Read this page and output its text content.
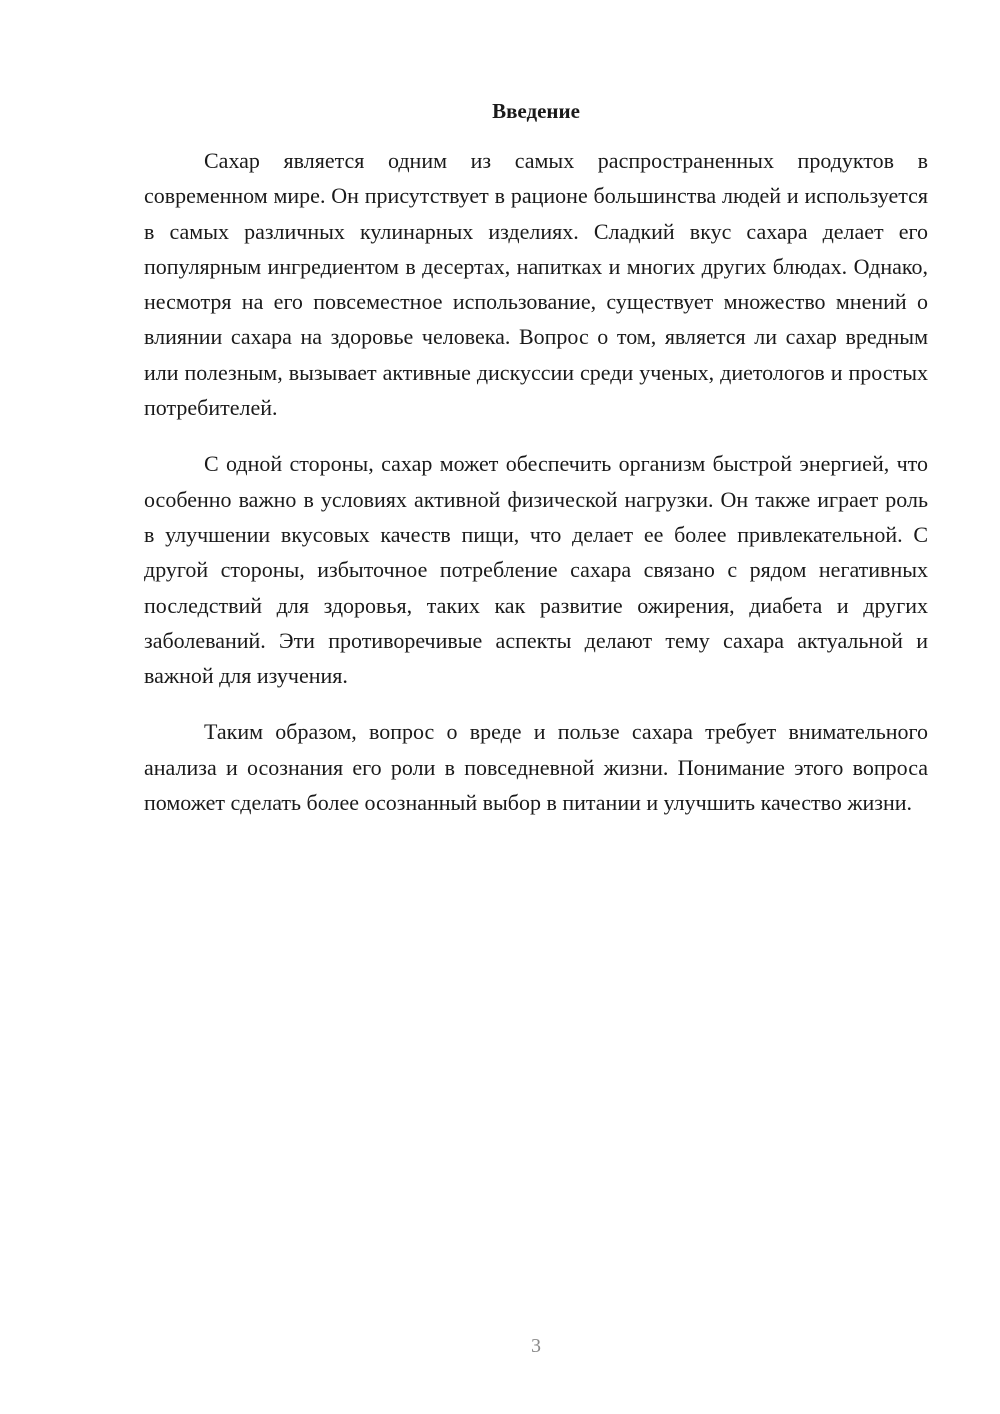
Введение

Сахар является одним из самых распространенных продуктов в современном мире. Он присутствует в рационе большинства людей и используется в самых различных кулинарных изделиях. Сладкий вкус сахара делает его популярным ингредиентом в десертах, напитках и многих других блюдах. Однако, несмотря на его повсеместное использование, существует множество мнений о влиянии сахара на здоровье человека. Вопрос о том, является ли сахар вредным или полезным, вызывает активные дискуссии среди ученых, диетологов и простых потребителей.

С одной стороны, сахар может обеспечить организм быстрой энергией, что особенно важно в условиях активной физической нагрузки. Он также играет роль в улучшении вкусовых качеств пищи, что делает ее более привлекательной. С другой стороны, избыточное потребление сахара связано с рядом негативных последствий для здоровья, таких как развитие ожирения, диабета и других заболеваний. Эти противоречивые аспекты делают тему сахара актуальной и важной для изучения.

Таким образом, вопрос о вреде и пользе сахара требует внимательного анализа и осознания его роли в повседневной жизни. Понимание этого вопроса поможет сделать более осознанный выбор в питании и улучшить качество жизни.

3
